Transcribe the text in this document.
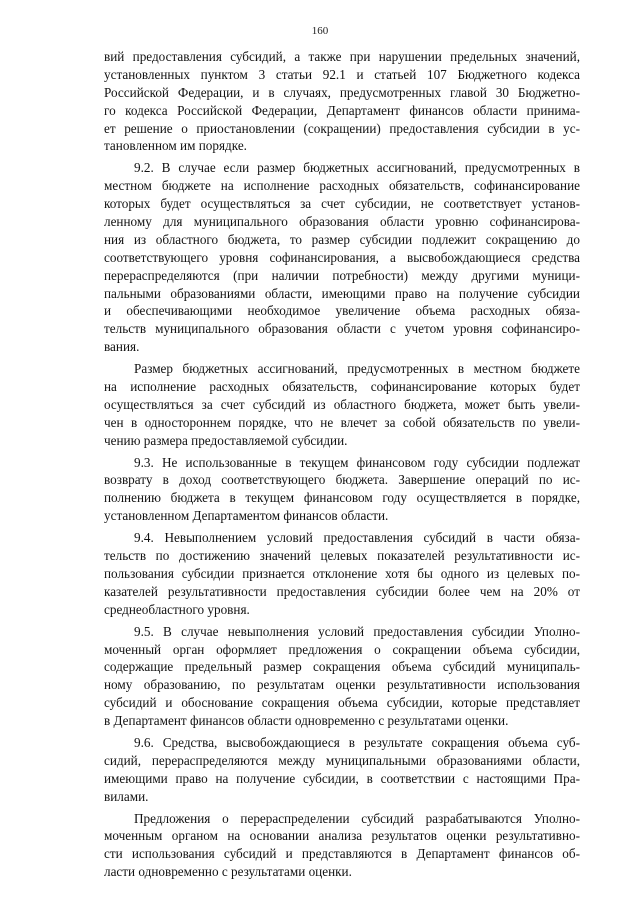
160
вий предоставления субсидий, а также при нарушении предельных значений,
установленных пунктом 3 статьи 92.1 и статьей 107 Бюджетного кодекса
Российской Федерации, и в случаях, предусмотренных главой 30 Бюджетно-
го кодекса Российской Федерации, Департамент финансов области принима-
ет решение о приостановлении (сокращении) предоставления субсидии в ус-
тановленном им порядке.
9.2. В случае если размер бюджетных ассигнований, предусмотренных в
местном бюджете на исполнение расходных обязательств, софинансирование
которых будет осуществляться за счет субсидии, не соответствует установ-
ленному для муниципального образования области уровню софинансирова-
ния из областного бюджета, то размер субсидии подлежит сокращению до
соответствующего уровня софинансирования, а высвобождающиеся средства
перераспределяются (при наличии потребности) между другими муници-
пальными образованиями области, имеющими право на получение субсидии
и обеспечивающими необходимое увеличение объема расходных обяза-
тельств муниципального образования области с учетом уровня софинансиро-
вания.
Размер бюджетных ассигнований, предусмотренных в местном бюджете
на исполнение расходных обязательств, софинансирование которых будет
осуществляться за счет субсидий из областного бюджета, может быть увели-
чен в одностороннем порядке, что не влечет за собой обязательств по увели-
чению размера предоставляемой субсидии.
9.3. Не использованные в текущем финансовом году субсидии подлежат
возврату в доход соответствующего бюджета. Завершение операций по ис-
полнению бюджета в текущем финансовом году осуществляется в порядке,
установленном Департаментом финансов области.
9.4. Невыполнением условий предоставления субсидий в части обяза-
тельств по достижению значений целевых показателей результативности ис-
пользования субсидии признается отклонение хотя бы одного из целевых по-
казателей результативности предоставления субсидии более чем на 20% от
среднеобластного уровня.
9.5. В случае невыполнения условий предоставления субсидии Уполно-
моченный орган оформляет предложения о сокращении объема субсидии,
содержащие предельный размер сокращения объема субсидий муниципаль-
ному образованию, по результатам оценки результативности использования
субсидий и обоснование сокращения объема субсидии, которые представляет
в Департамент финансов области одновременно с результатами оценки.
9.6. Средства, высвобождающиеся в результате сокращения объема суб-
сидий, перераспределяются между муниципальными образованиями области,
имеющими право на получение субсидии, в соответствии с настоящими Пра-
вилами.
Предложения о перераспределении субсидий разрабатываются Уполно-
моченным органом на основании анализа результатов оценки результативно-
сти использования субсидий и представляются в Департамент финансов об-
ласти одновременно с результатами оценки.
